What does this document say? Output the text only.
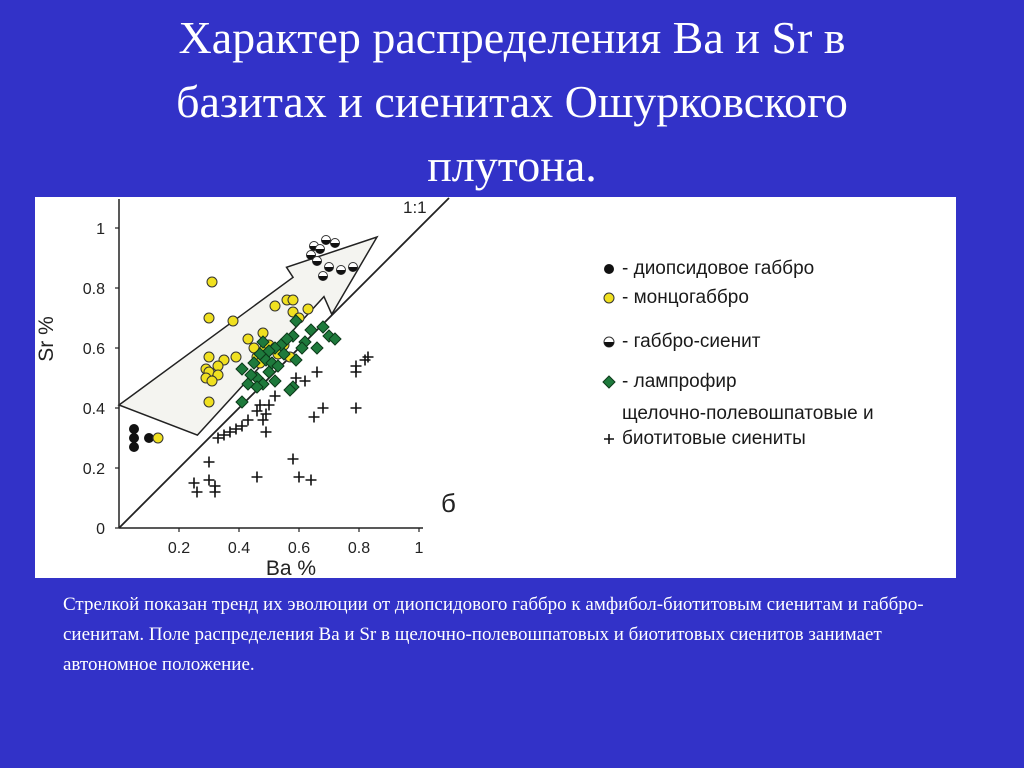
Характер распределения Ba и Sr в
базитах и сиенитах Ошурковского
плутона.
0
0.2
0.4
0.6
0.8
1
0.2 0.4 0.6 0.8	1
Sr %
Ba %
б
1:1
- диопсидовое габбро
- монцогаббро
- габбро-сиенит
- лампрофир
щелочно-полевошпатовые и
биотитовые сиениты

Стрелкой показан тренд их эволюции от диопсидового габбро к амфибол-биотитовым сиенитам и габбро-сиенитам. Поле распределения Ba и Sr в щелочно-полевошпатовых и биотитовых сиенитов занимает автономное положение.
